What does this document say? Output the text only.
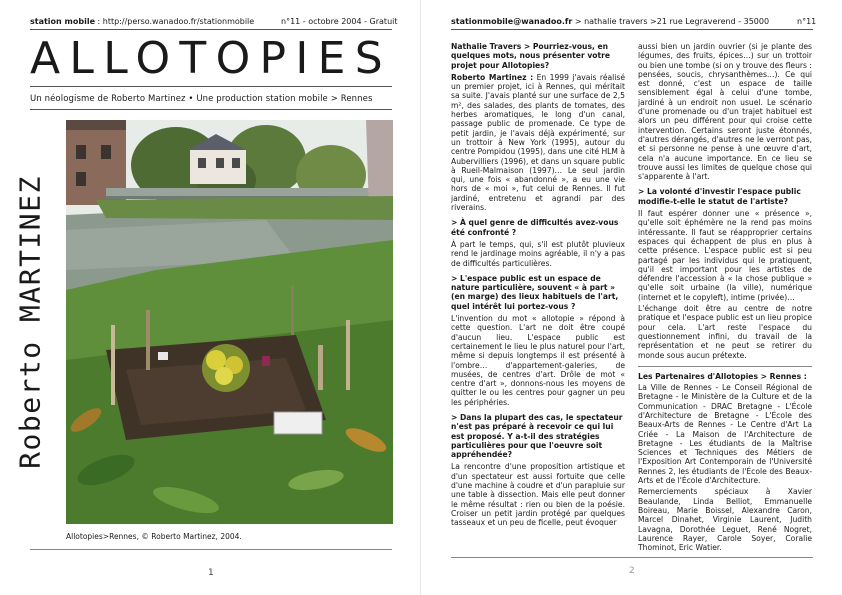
station mobile : http://perso.wanadoo.fr/stationmobile	n°11 - octobre 2004 - Gratuit
ALLOTOPIES
Un néologisme de Roberto Martinez • Une production station mobile > Rennes
Roberto MARTINEZ
Allotopies>Rennes, © Roberto Martinez, 2004.
1
stationmobile@wanadoo.fr > nathalie travers >21 rue Legraverend - 35000	n°11

Nathalie Travers > Pourriez-vous, en quelques mots, nous présenter votre projet pour Allotopies?

Roberto Martinez : En 1999 j'avais réalisé un premier projet, ici à Rennes, qui méritait sa suite. J'avais planté sur une surface de 2,5 m², des salades, des plants de tomates, des herbes aromatiques, le long d'un canal, passage public de promenade. Ce type de petit jardin, je l'avais déjà expérimenté, sur un trottoir à New York (1995), autour du centre Pompidou (1995), dans une cité HLM à Aubervilliers (1996), et dans un square public à Rueil-Malmaison (1997)… Le seul jardin qui, une fois « abandonné », a eu une vie hors de « moi », fut celui de Rennes. Il fut jardiné, entretenu et agrandi par des riverains.

> À quel genre de difficultés avez-vous été confronté ?

À part le temps, qui, s'il est plutôt pluvieux rend le jardinage moins agréable, il n'y a pas de difficultés particulières.

> L'espace public est un espace de nature particulière, souvent « à part » (en marge) des lieux habituels de l'art, quel intérêt lui portez-vous ?

L'invention du mot « allotopie » répond à cette question. L'art ne doit être coupé d'aucun lieu. L'espace public est certainement le lieu le plus naturel pour l'art, même si depuis longtemps il est présenté à l'ombre… d'appartement-galeries, de musées, de centres d'art. Drôle de mot « centre d'art », donnons-nous les moyens de quitter le ou les centres pour gagner un peu les périphéries.

> Dans la plupart des cas, le spectateur n'est pas préparé à recevoir ce qui lui est proposé. Y a-t-il des stratégies particulières pour que l'oeuvre soit appréhendée?

La rencontre d'une proposition artistique et d'un spectateur est aussi fortuite que celle d'une machine à coudre et d'un parapluie sur une table à dissection. Mais elle peut donner le même résultat : rien ou bien de la poésie. Croiser un petit jardin protégé par quelques tasseaux et un peu de ficelle, peut évoquer

aussi bien un jardin ouvrier (si je plante des légumes, des fruits, épices…) sur un trottoir ou bien une tombe (si on y trouve des fleurs : pensées, soucis, chrysanthèmes…). Ce qui est donné, c'est un espace de taille sensiblement égal à celui d'une tombe, jardiné à un endroit non usuel. Le scénario d'une promenade ou d'un trajet habituel est alors un peu différent pour qui croise cette intervention. Certains seront juste étonnés, d'autres dérangés, d'autres ne le verront pas, et si personne ne pense à une œuvre d'art, cela n'a aucune importance. En ce lieu se trouve aussi les limites de quelque chose qui s'apparente à l'art.

> La volonté d'investir l'espace public modifie-t-elle le statut de l'artiste?

Il faut espérer donner une « présence », qu'elle soit éphémère ne la rend pas moins intéressante. Il faut se réapproprier certains espaces qui échappent de plus en plus à cette présence. L'espace public est si peu partagé par les individus qui le pratiquent, qu'il est important pour les artistes de défendre l'accession à « la chose publique » qu'elle soit urbaine (la ville), numérique (internet et le copyleft), intime (privée)…

L'échange doit être au centre de notre pratique et l'espace public est un lieu propice pour cela. L'art reste l'espace du questionnement infini, du travail de la représentation et ne peut se retirer du monde sous aucun prétexte.

Les Partenaires d'Allotopies > Rennes :

La Ville de Rennes - Le Conseil Régional de Bretagne - le Ministère de la Culture et de la Communication - DRAC Bretagne - L'École d'Architecture de Bretagne - L'École des Beaux-Arts de Rennes - Le Centre d'Art La Criée - La Maison de l'Architecture de Bretagne - Les étudiants de la Maîtrise Sciences et Techniques des Métiers de l'Exposition Art Contemporain de l'Université Rennes 2, les étudiants de l'École des Beaux-Arts et de l'École d'Architecture.

Remerciements spéciaux à Xavier Beaulande, Linda Belliot, Emmanuelle Boireau, Marie Boissel, Alexandre Caron, Marcel Dinahet, Virginie Laurent, Judith Lavagna, Dorothée Leguet, René Nogret, Laurence Rayer, Carole Soyer, Coralie Thominot, Eric Watier.

2
